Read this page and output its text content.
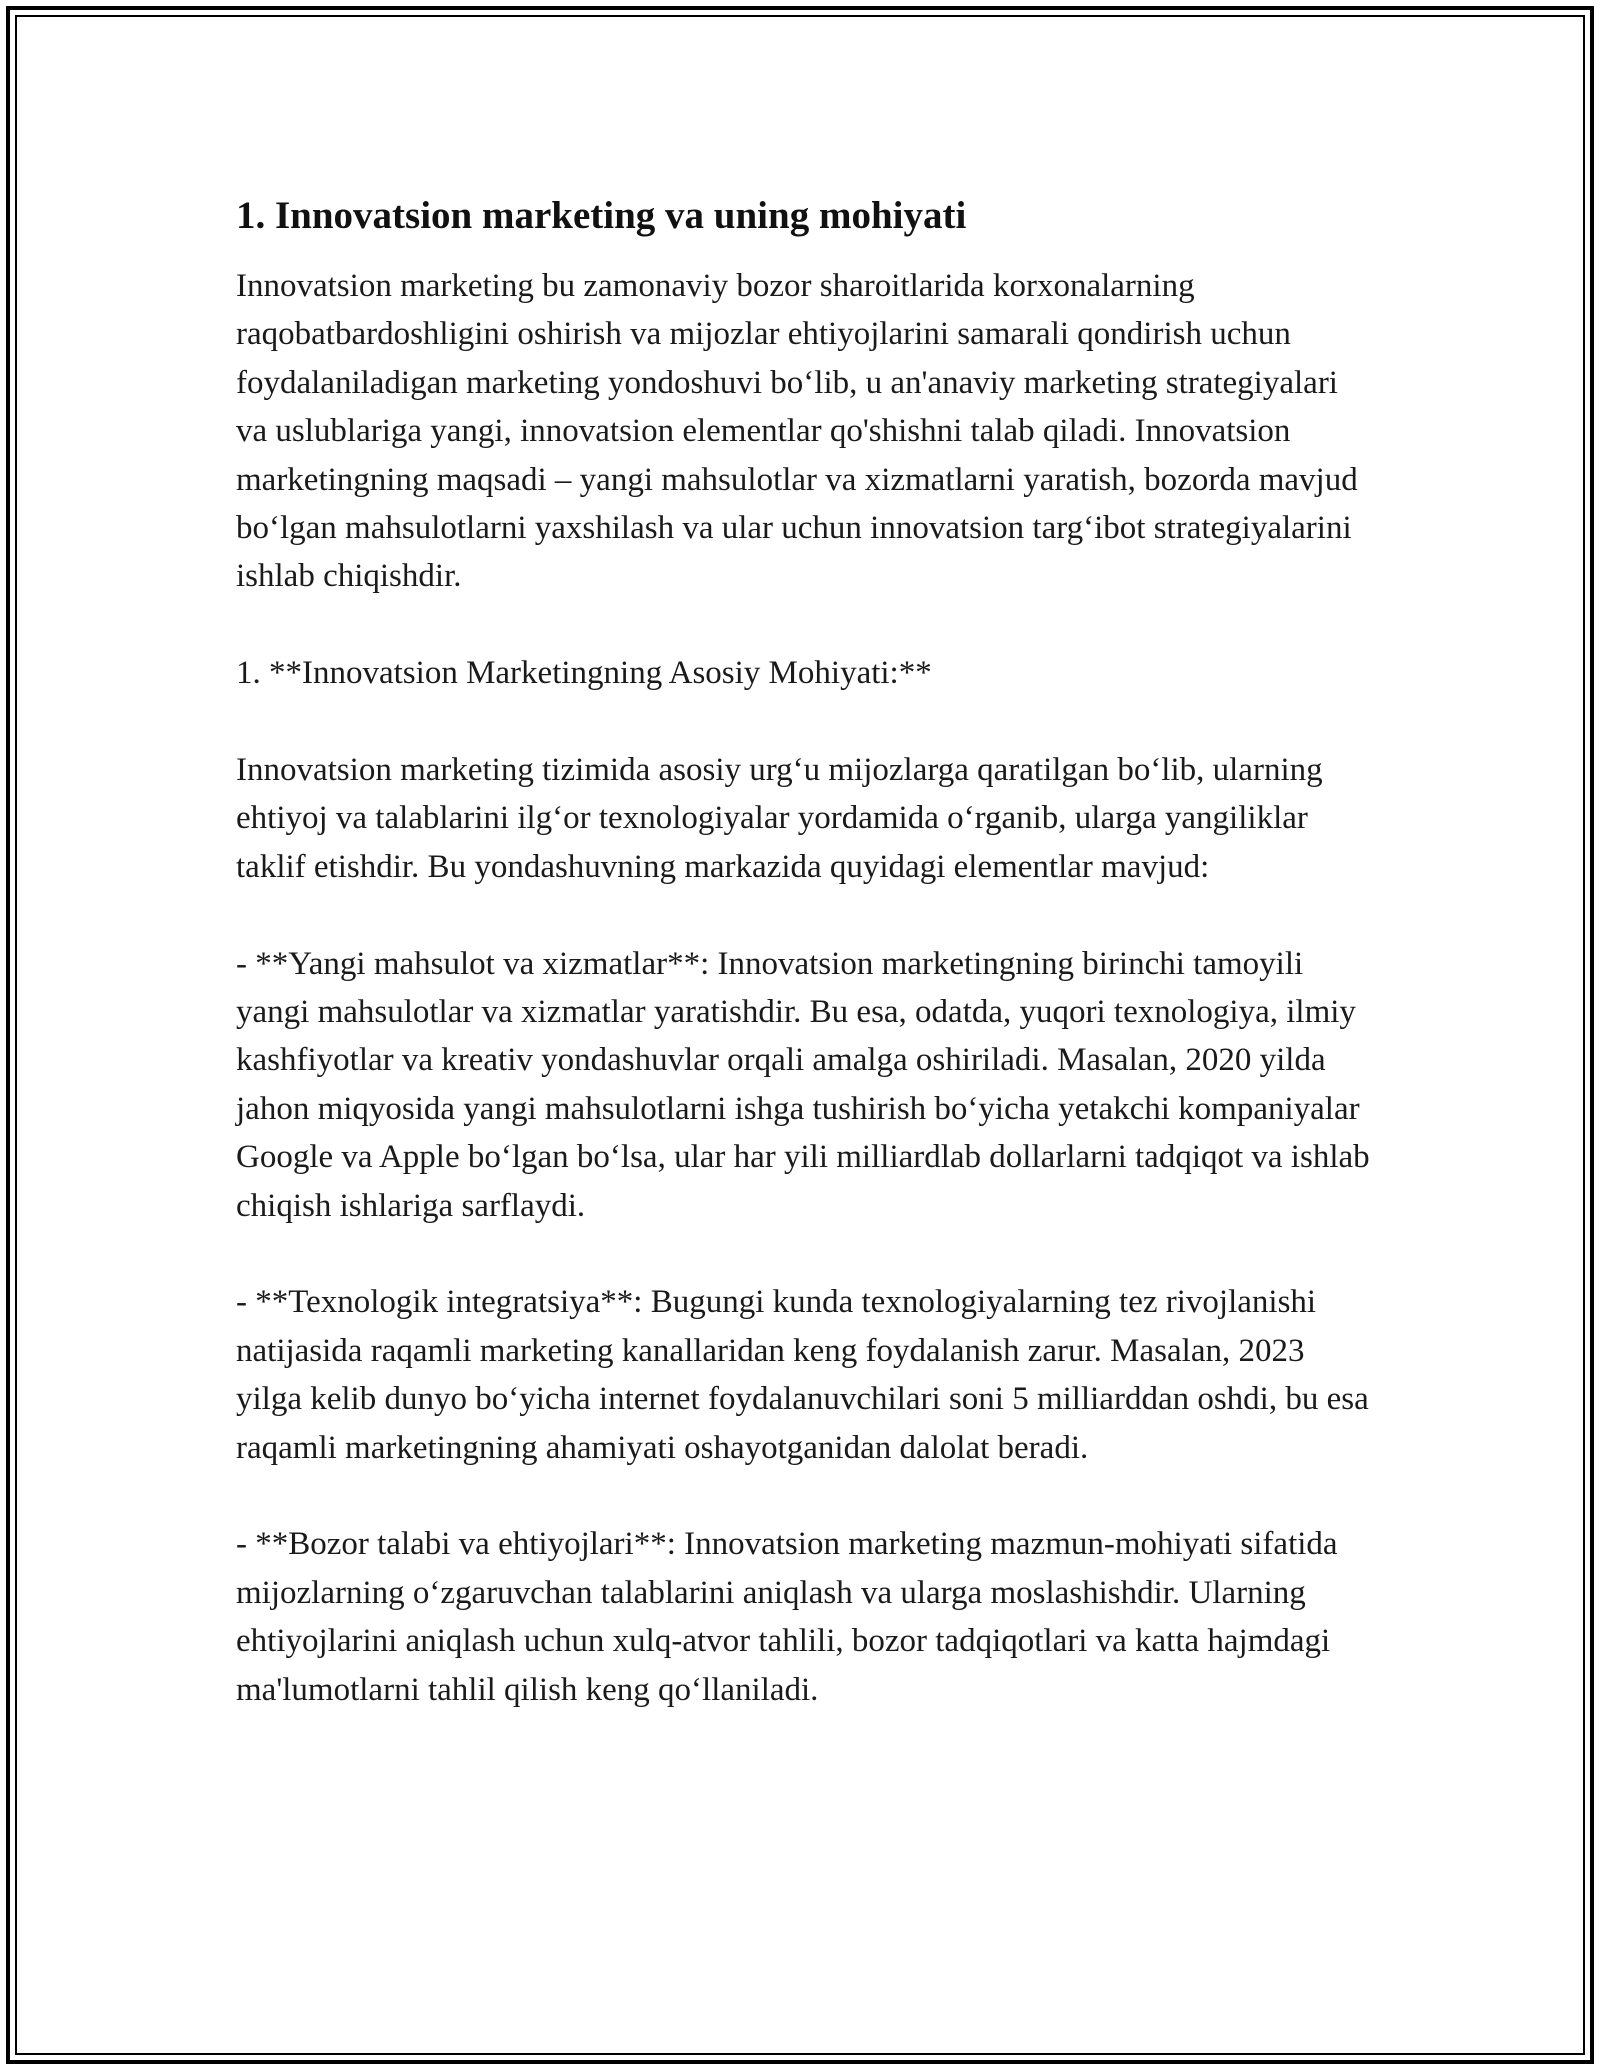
1. Innovatsion marketing va uning mohiyati

Innovatsion marketing bu zamonaviy bozor sharoitlarida korxonalarning raqobatbardoshligini oshirish va mijozlar ehtiyojlarini samarali qondirish uchun foydalaniladigan marketing yondoshuvi bo‘lib, u an'anaviy marketing strategiyalari va uslublariga yangi, innovatsion elementlar qo'shishni talab qiladi. Innovatsion marketingning maqsadi – yangi mahsulotlar va xizmatlarni yaratish, bozorda mavjud bo‘lgan mahsulotlarni yaxshilash va ular uchun innovatsion targ‘ibot strategiyalarini ishlab chiqishdir.

1. **Innovatsion Marketingning Asosiy Mohiyati:**

Innovatsion marketing tizimida asosiy urg‘u mijozlarga qaratilgan bo‘lib, ularning ehtiyoj va talablarini ilg‘or texnologiyalar yordamida o‘rganib, ularga yangiliklar taklif etishdir. Bu yondashuvning markazida quyidagi elementlar mavjud:

- **Yangi mahsulot va xizmatlar**: Innovatsion marketingning birinchi tamoyili yangi mahsulotlar va xizmatlar yaratishdir. Bu esa, odatda, yuqori texnologiya, ilmiy kashfiyotlar va kreativ yondashuvlar orqali amalga oshiriladi. Masalan, 2020 yilda jahon miqyosida yangi mahsulotlarni ishga tushirish bo‘yicha yetakchi kompaniyalar Google va Apple bo‘lgan bo‘lsa, ular har yili milliardlab dollarlarni tadqiqot va ishlab chiqish ishlariga sarflaydi.

- **Texnologik integratsiya**: Bugungi kunda texnologiyalarning tez rivojlanishi natijasida raqamli marketing kanallaridan keng foydalanish zarur. Masalan, 2023 yilga kelib dunyo bo‘yicha internet foydalanuvchilari soni 5 milliarddan oshdi, bu esa raqamli marketingning ahamiyati oshayotganidan dalolat beradi.

- **Bozor talabi va ehtiyojlari**: Innovatsion marketing mazmun-mohiyati sifatida mijozlarning o‘zgaruvchan talablarini aniqlash va ularga moslashishdir. Ularning ehtiyojlarini aniqlash uchun xulq-atvor tahlili, bozor tadqiqotlari va katta hajmdagi ma'lumotlarni tahlil qilish keng qo‘llaniladi.
